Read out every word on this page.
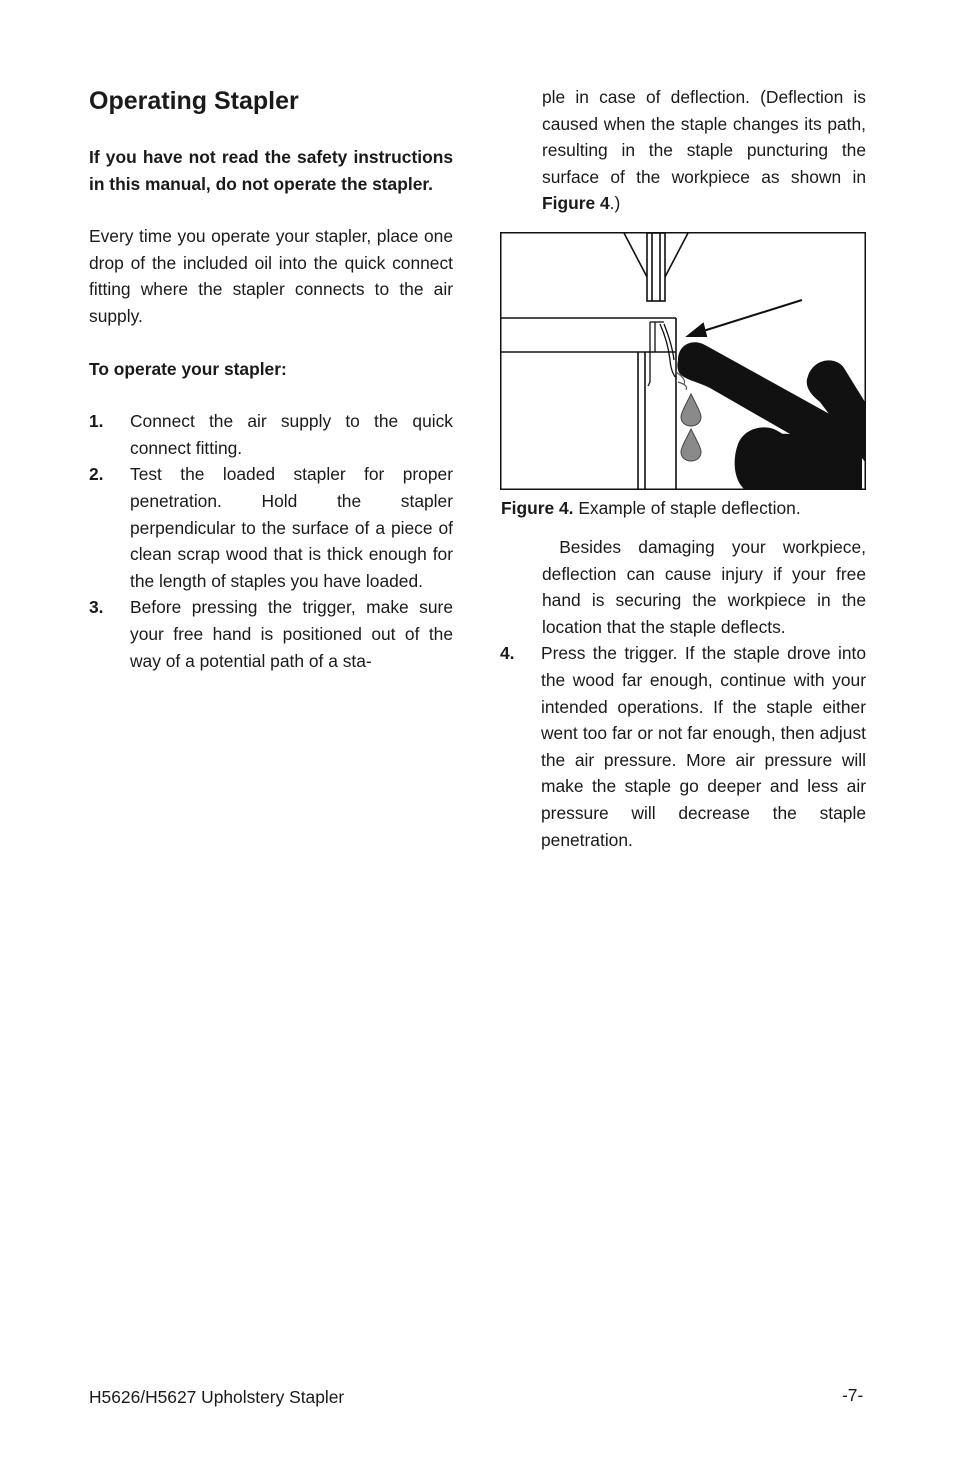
Operating Stapler

If you have not read the safety instructions in this manual, do not operate the stapler.

Every time you operate your stapler, place one drop of the included oil into the quick connect fitting where the stapler connects to the air supply.

To operate your stapler:

1. Connect the air supply to the quick connect fitting.
2. Test the loaded stapler for proper penetration. Hold the stapler perpendicular to the surface of a piece of clean scrap wood that is thick enough for the length of staples you have loaded.
3. Before pressing the trigger, make sure your free hand is positioned out of the way of a potential path of a sta-

ple in case of deflection. (Deflection is caused when the staple changes its path, resulting in the staple puncturing the surface of the workpiece as shown in Figure 4.)

Figure 4. Example of staple deflection.

Besides damaging your workpiece, deflection can cause injury if your free hand is securing the workpiece in the location that the staple deflects.

4. Press the trigger. If the staple drove into the wood far enough, continue with your intended operations. If the staple either went too far or not far enough, then adjust the air pressure. More air pressure will make the staple go deeper and less air pressure will decrease the staple penetration.
H5626/H5627 Upholstery Stapler	-7-
